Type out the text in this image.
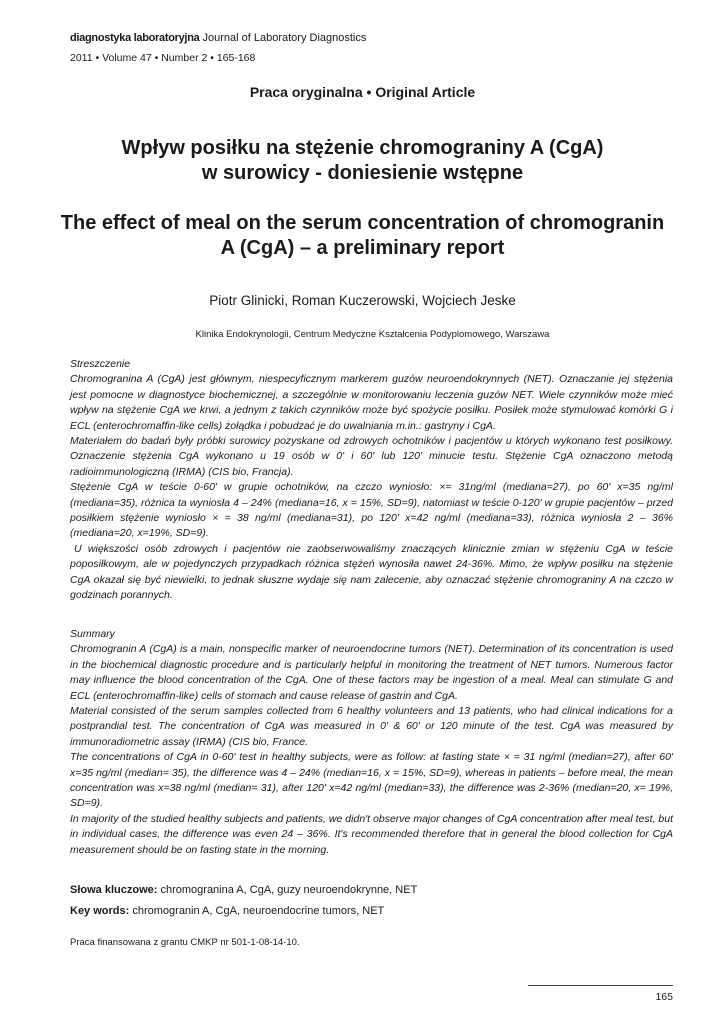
diagnostyka laboratoryjna Journal of Laboratory Diagnostics
2011 • Volume 47 • Number 2 • 165-168
Praca oryginalna • Original Article
Wpływ posiłku na stężenie chromograniny A (CgA)
w surowicy - doniesienie wstępne
The effect of meal on the serum concentration of chromogranin
A (CgA) – a preliminary report
Piotr Glinicki, Roman Kuczerowski, Wojciech Jeske
Klinika Endokrynologii, Centrum Medyczne Kształcenia Podyplomowego, Warszawa

Streszczenie

Chromogranina A (CgA) jest głównym, niespecyficznym markerem guzów neuroendokrynnych (NET). Oznaczanie jej stężenia jest pomocne w diagnostyce biochemicznej, a szczególnie w monitorowaniu leczenia guzów NET. Wiele czynników może mieć wpływ na stężenie CgA we krwi, a jednym z takich czynników może być spożycie posiłku. Posiłek może stymulować komórki G i ECL (enterochromaffin-like cells) żołądka i pobudzać je do uwalniania m.in.: gastryny i CgA.

Materiałem do badań były próbki surowicy pozyskane od zdrowych ochotników i pacjentów u których wykonano test posiłkowy. Oznaczenie stężenia CgA wykonano u 19 osób w 0' i 60' lub 120' minucie testu. Stężenie CgA oznaczono metodą radioimmunologiczną (IRMA) (CIS bio, Francja).

Stężenie CgA w teście 0-60' w grupie ochotników, na czczo wyniosło: ×= 31ng/ml (mediana=27), po 60' x=35 ng/ml (mediana=35), różnica ta wyniosła 4 – 24% (mediana=16, x = 15%, SD=9), natomiast w teście 0-120' w grupie pacjentów – przed posiłkiem stężenie wyniosło × = 38 ng/ml (mediana=31), po 120' x=42 ng/ml (mediana=33), różnica wyniosła 2 – 36% (mediana=20, x=19%, SD=9).

U większości osób zdrowych i pacjentów nie zaobserwowaliśmy znaczących klinicznie zmian w stężeniu CgA w teście poposiłkowym, ale w pojedynczych przypadkach różnica stężeń wynosiła nawet 24-36%. Mimo, że wpływ posiłku na stężenie CgA okazał się być niewielki, to jednak słuszne wydaje się nam zalecenie, aby oznaczać stężenie chromograniny A na czczo w godzinach porannych.

Summary

Chromogranin A (CgA) is a main, nonspecific marker of neuroendocrine tumors (NET). Determination of its concentration is used in the biochemical diagnostic procedure and is particularly helpful in monitoring the treatment of NET tumors. Numerous factor may influence the blood concentration of the CgA. One of these factors may be ingestion of a meal. Meal can stimulate G and ECL (enterochromaffin-like) cells of stomach and cause release of gastrin and CgA.

Material consisted of the serum samples collected from 6 healthy volunteers and 13 patients, who had clinical indications for a postprandial test. The concentration of CgA was measured in 0' & 60' or 120 minute of the test. CgA was measured by immunoradiometric assay (IRMA) (CIS bio, France.

The concentrations of CgA in 0-60' test in healthy subjects, were as follow: at fasting state × = 31 ng/ml (median=27), after 60' x=35 ng/ml (median= 35), the difference was 4 – 24% (median=16, x = 15%, SD=9), whereas in patients – before meal, the mean concentration was x=38 ng/ml (median= 31), after 120' x=42 ng/ml (median=33), the difference was 2-36% (median=20, x= 19%, SD=9).

In majority of the studied healthy subjects and patients, we didn't observe major changes of CgA concentration after meal test, but in individual cases, the difference was even 24 – 36%. It's recommended therefore that in general the blood collection for CgA measurement should be on fasting state in the morning.

Słowa kluczowe: chromogranina A, CgA, guzy neuroendokrynne, NET
Key words: chromogranin A, CgA, neuroendocrine tumors, NET
Praca finansowana z grantu CMKP nr 501-1-08-14-10.
165
